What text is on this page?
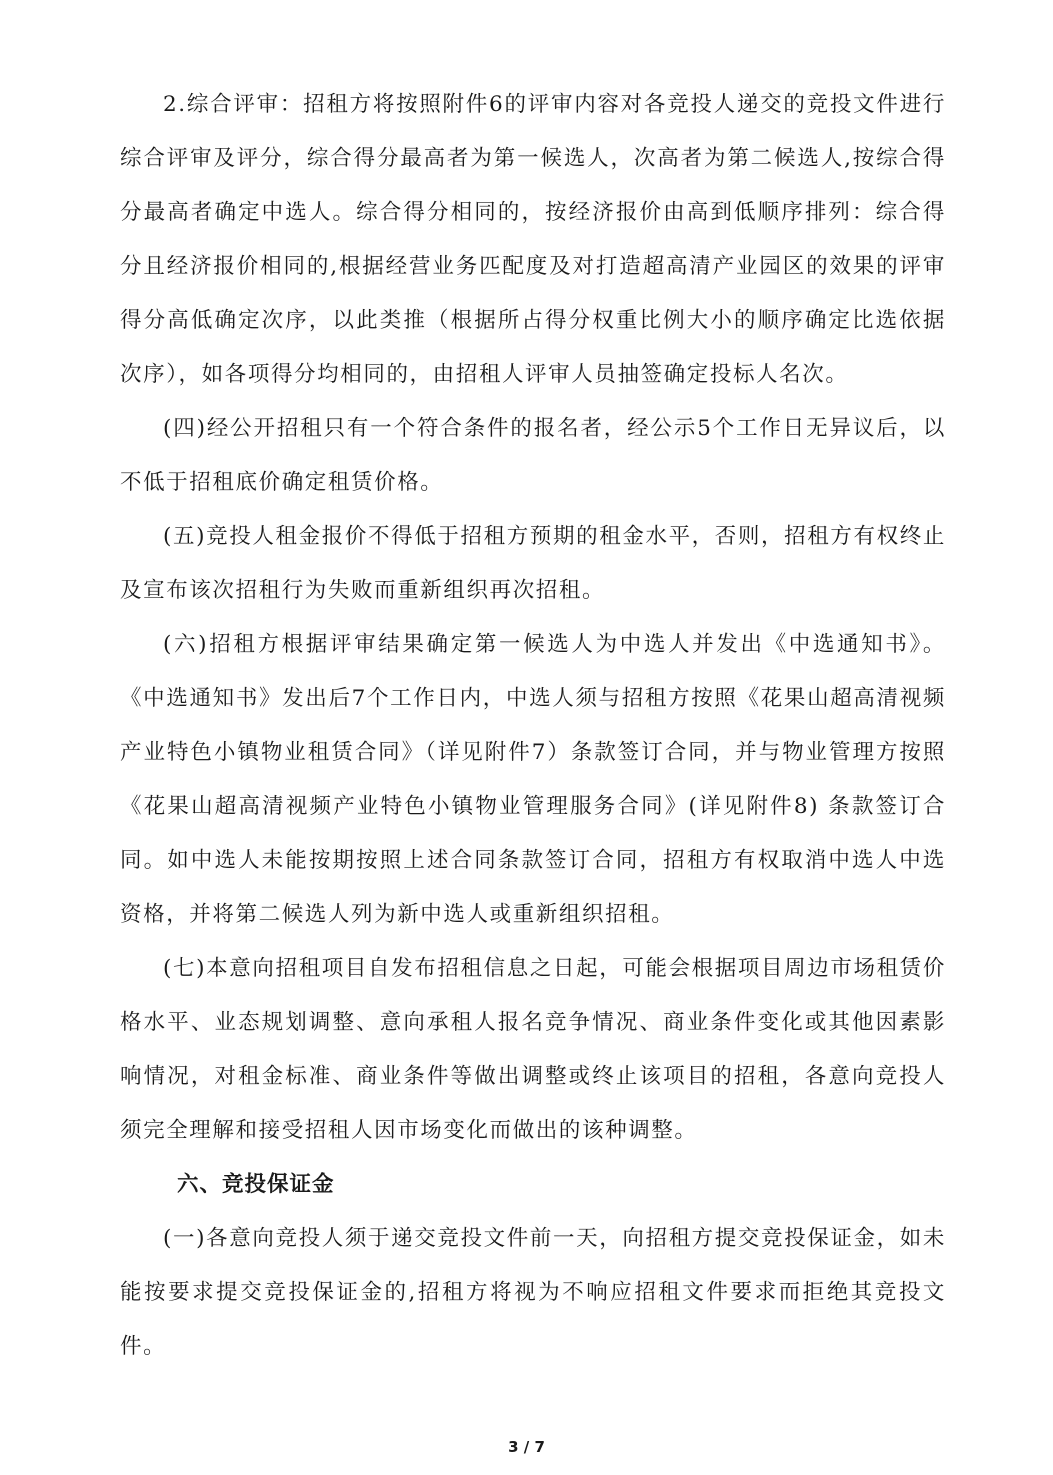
2.综合评审：招租方将按照附件6的评审内容对各竞投人递交的竞投文件进行综合评审及评分，综合得分最高者为第一候选人，次高者为第二候选人,按综合得分最高者确定中选人。综合得分相同的，按经济报价由高到低顺序排列：综合得分且经济报价相同的,根据经营业务匹配度及对打造超高清产业园区的效果的评审得分高低确定次序，以此类推（根据所占得分权重比例大小的顺序确定比选依据次序），如各项得分均相同的，由招租人评审人员抽签确定投标人名次。

(四)经公开招租只有一个符合条件的报名者，经公示5个工作日无异议后，以不低于招租底价确定租赁价格。

(五)竞投人租金报价不得低于招租方预期的租金水平，否则，招租方有权终止及宣布该次招租行为失败而重新组织再次招租。

(六)招租方根据评审结果确定第一候选人为中选人并发出《中选通知书》。《中选通知书》发出后7个工作日内，中选人须与招租方按照《花果山超高清视频产业特色小镇物业租赁合同》（详见附件7）条款签订合同，并与物业管理方按照《花果山超高清视频产业特色小镇物业管理服务合同》(详见附件8) 条款签订合同。如中选人未能按期按照上述合同条款签订合同，招租方有权取消中选人中选资格，并将第二候选人列为新中选人或重新组织招租。

(七)本意向招租项目自发布招租信息之日起，可能会根据项目周边市场租赁价格水平、业态规划调整、意向承租人报名竞争情况、商业条件变化或其他因素影响情况，对租金标准、商业条件等做出调整或终止该项目的招租，各意向竞投人须完全理解和接受招租人因市场变化而做出的该种调整。

六、竞投保证金

(一)各意向竞投人须于递交竞投文件前一天，向招租方提交竞投保证金，如未能按要求提交竞投保证金的,招租方将视为不响应招租文件要求而拒绝其竞投文件。

3 / 7
